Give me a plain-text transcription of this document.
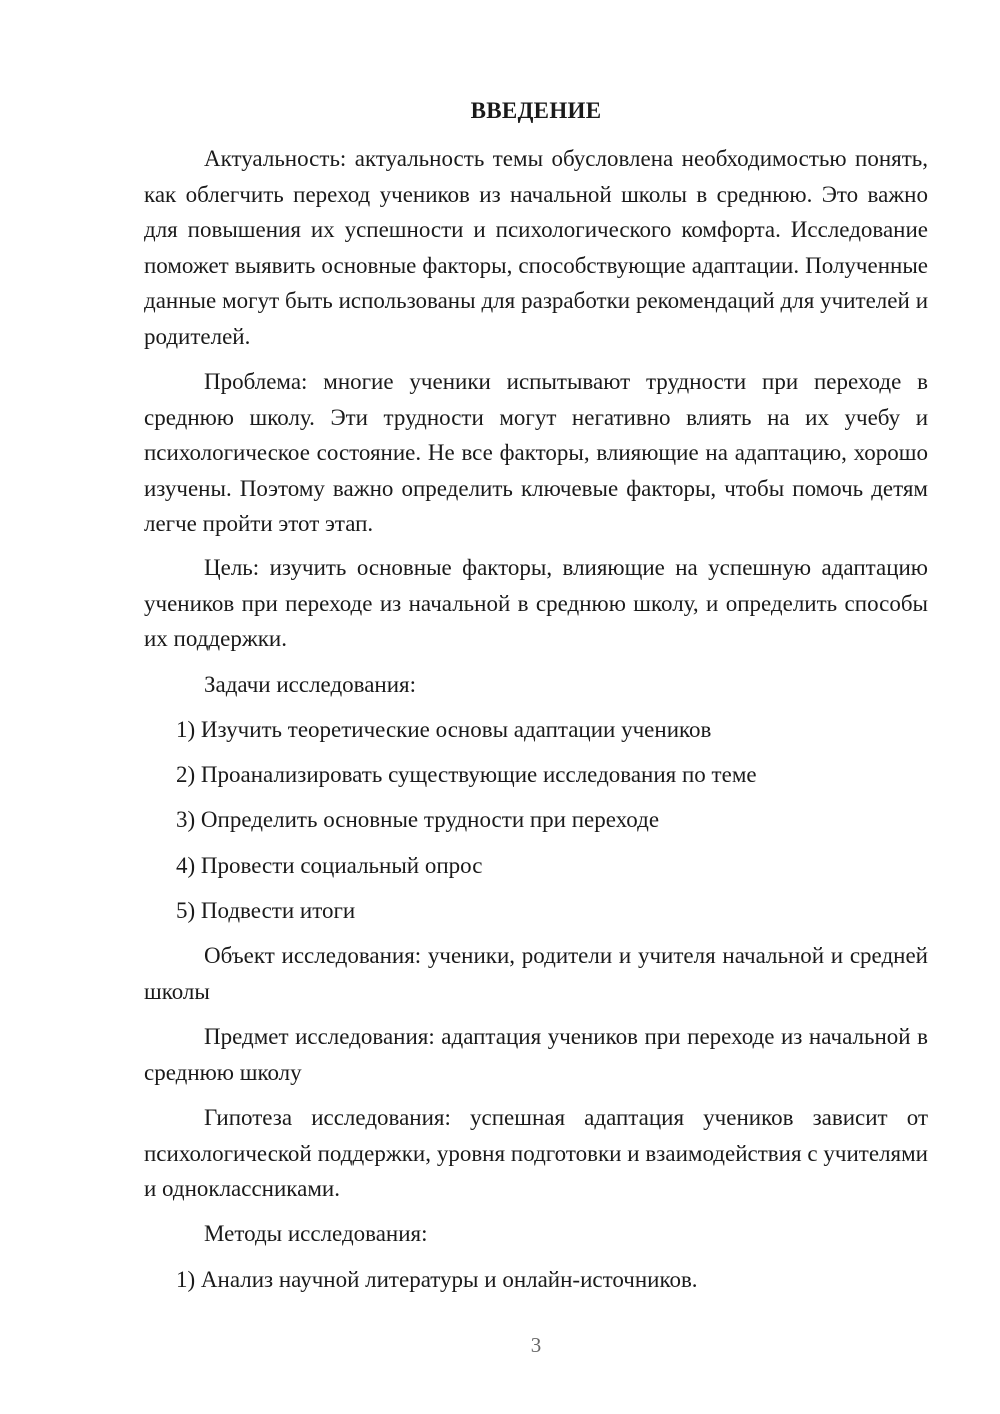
ВВЕДЕНИЕ

Актуальность: актуальность темы обусловлена необходимостью понять, как облегчить переход учеников из начальной школы в среднюю. Это важно для повышения их успешности и психологического комфорта. Исследование поможет выявить основные факторы, способствующие адаптации. Полученные данные могут быть использованы для разработки рекомендаций для учителей и родителей.

Проблема: многие ученики испытывают трудности при переходе в среднюю школу. Эти трудности могут негативно влиять на их учебу и психологическое состояние. Не все факторы, влияющие на адаптацию, хорошо изучены. Поэтому важно определить ключевые факторы, чтобы помочь детям легче пройти этот этап.

Цель: изучить основные факторы, влияющие на успешную адаптацию учеников при переходе из начальной в среднюю школу, и определить способы их поддержки.

Задачи исследования:

1) Изучить теоретические основы адаптации учеников

2) Проанализировать существующие исследования по теме

3) Определить основные трудности при переходе

4) Провести социальный опрос

5) Подвести итоги

Объект исследования: ученики, родители и учителя начальной и средней школы

Предмет исследования: адаптация учеников при переходе из начальной в среднюю школу

Гипотеза исследования: успешная адаптация учеников зависит от психологической поддержки, уровня подготовки и взаимодействия с учителями и одноклассниками.

Методы исследования:

1) Анализ научной литературы и онлайн-источников.

3
